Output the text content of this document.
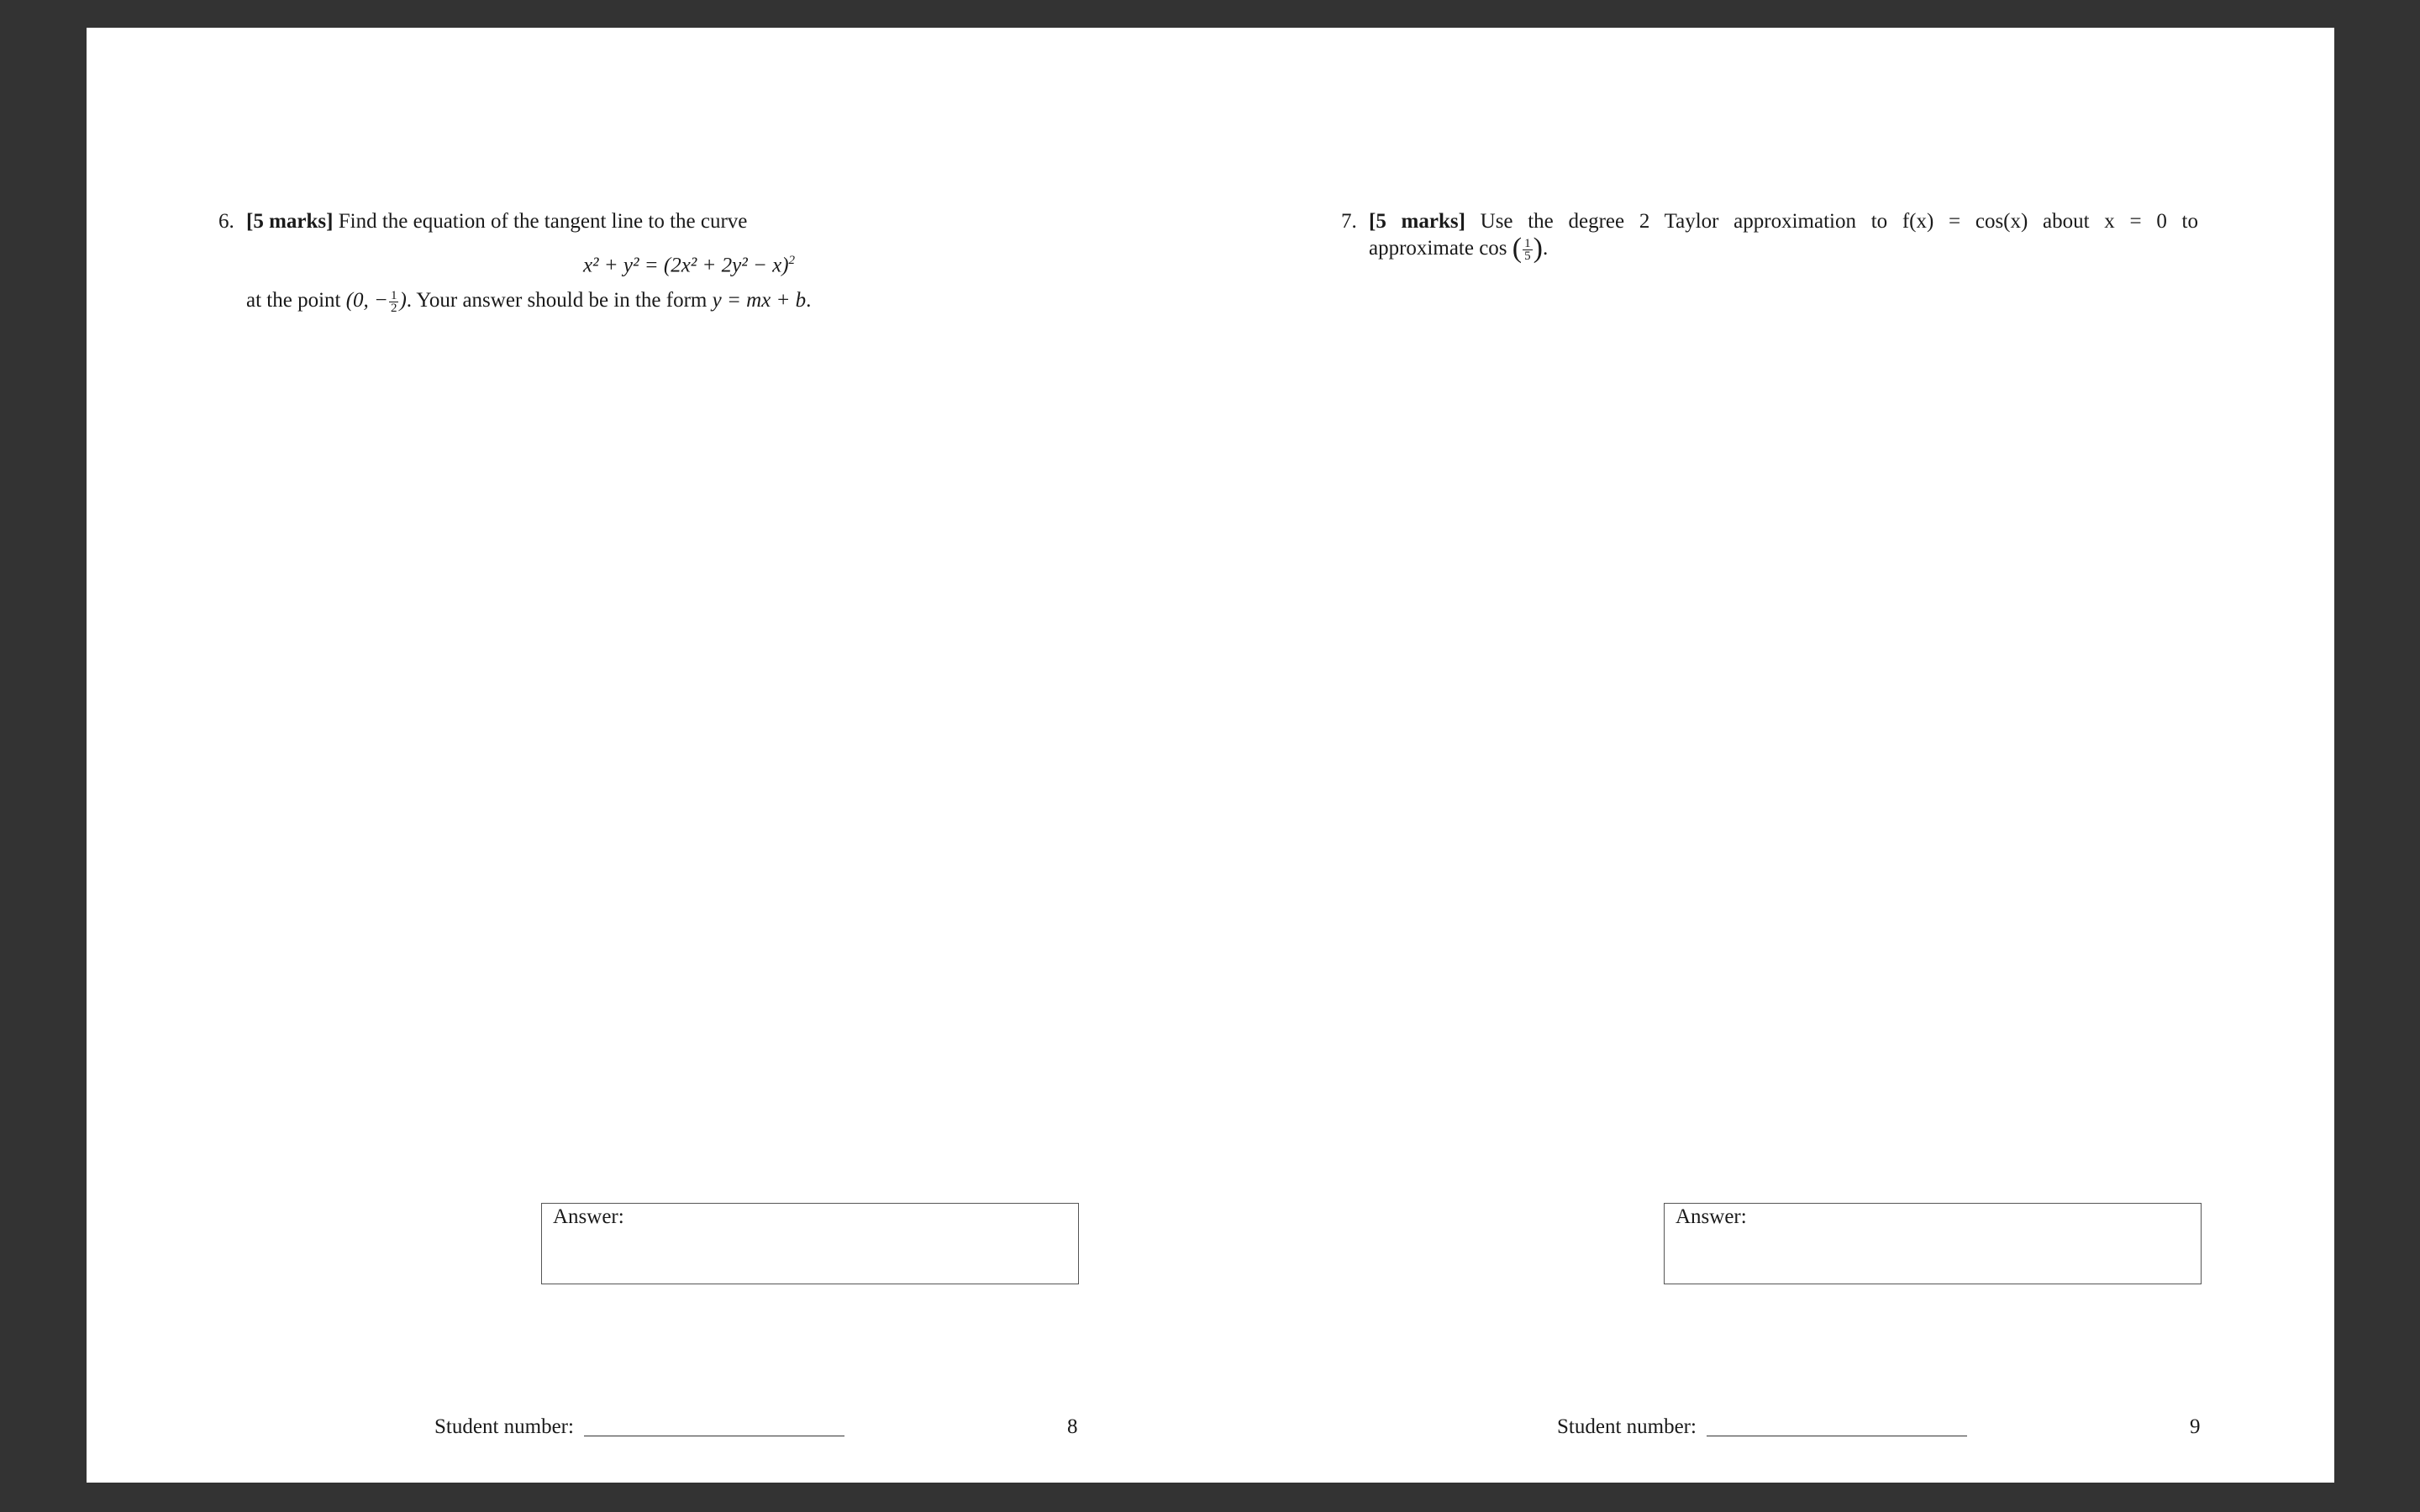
6. [5 marks] Find the equation of the tangent line to the curve
$x^2 + y^2 = (2x^2 + 2y^2 - x)^2$
at the point (0, − $\frac{1}{2}$ ). Your answer should be in the form y = mx + b.
7. [5 marks] Use the degree 2 Taylor approximation to f(x) = cos(x) about x = 0 to
approximate cos ( $\frac{1}{5}$ ).
Answer:	Answer:
Student number:	8	Student number:	9
